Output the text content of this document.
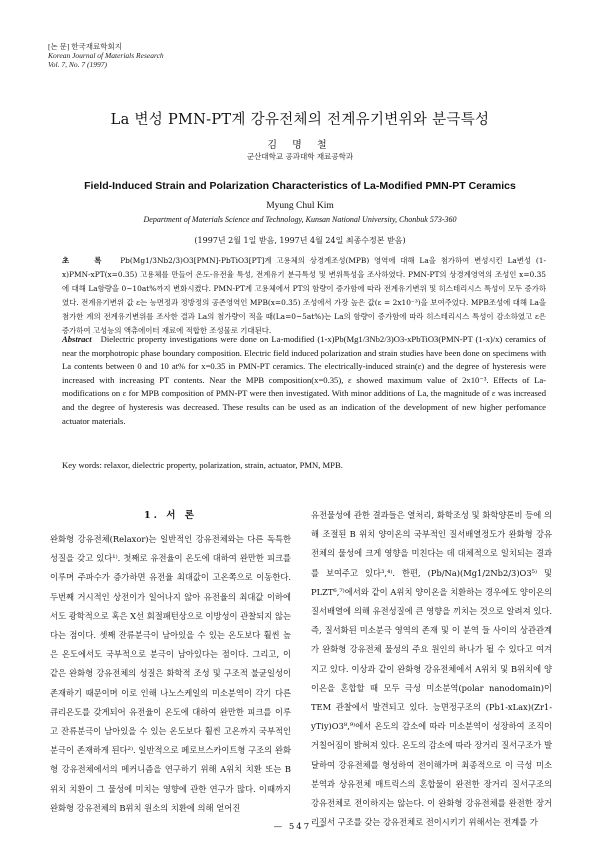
[논 문] 한국재료학회지
Korean Journal of Materials Research
Vol. 7, No. 7 (1997)
La 변성 PMN-PT계 강유전체의 전계유기변위와 분극특성
김 명 철
군산대학교 공과대학 재료공학과
Field-Induced Strain and Polarization Characteristics of La-Modified PMN-PT Ceramics
Myung Chul Kim
Department of Materials Science and Technology, Kunsan National University, Chonbuk 573-360
(1997년 2월 1일 받음, 1997년 4월 24일 최종수정본 받음)
초 록 Pb(Mg1/3Nb2/3)O3[PMN]-PbTiO3[PT]계 고용체의 상경계조성(MPB) 영역에 대해 La을 첨가하여 변성시킨 La변성 (1-x)PMN-xPT(x=0.35) 고용체를 만들어 온도-유전율 특성, 전계유기 분극특성 및 변위특성을 조사하였다. PMN-PT의 상경계영역의 조성인 x=0.35에 대해 La함량을 0~10at%까지 변화시켰다. PMN-PT계 고용체에서 PT의 함량이 증가함에 따라 전계유기변위 및 히스테리시스 특성이 모두 증가하였다. 전계유기변위 값 ε는 능면정과 정방정의 공존영역인 MPB(x=0.35) 조성에서 가장 높은 값(ε = 2x10⁻³)을 보여주었다. MPB조성에 대해 La을 첨가한 계의 전계유기변위를 조사한 결과 La의 첨가량이 적을 때(La=0~5at%)는 La의 함량이 증가함에 따라 히스테리시스 특성이 감소하였고 ε은 증가하여 고성능의 액츄에이터 재료에 적합한 조성물로 기대된다.
Abstract Dielectric property investigations were done on La-modified (1-x)Pb(Mg1/3Nb2/3)O3-xPbTiO3(PMN-PT (1-x)/x) ceramics of near the morphotropic phase boundary composition. Electric field induced polarization and strain studies have been done on specimens with La contents between 0 and 10 at% for x=0.35 in PMN-PT ceramics. The electrically-induced strain(ε) and the degree of hysteresis were increased with increasing PT contents. Near the MPB composition(x=0.35), ε showed maximum value of 2x10⁻³. Effects of La-modifications on ε for MPB composition of PMN-PT were then investigated. With minor additions of La, the magnitude of ε was increased and the degree of hysteresis was decreased. These results can be used as an indication of the development of new higher perfomance actuator materials.
Key words: relaxor, dielectric property, polarization, strain, actuator, PMN, MPB.
1. 서 론
완화형 강유전체(Relaxor)는 일반적인 강유전체와는 다른 독특한 성질을 갖고 있다¹⁾. 첫째로 유전율이 온도에 대하여 완만한 피크를 이루며 주파수가 증가하면 유전율 최대값이 고온쪽으로 이동한다. 두번째 거시적인 상전이가 일어나지 않아 유전율의 최대값 이하에서도 광학적으로 혹은 X선 회절패턴상으로 이방성이 관찰되지 않는다는 점이다. 셋째 잔류분극이 남아있을 수 있는 온도보다 훨씬 높은 온도에서도 국부적으로 분극이 남아있다는 점이다. 그리고, 이 같은 완화형 강유전체의 성질은 화학적 조성 및 구조적 불균일성이 존재하기 때문이며 이로 인해 나노스케일의 미소분역이 각기 다른 큐리온도를 갖게되어 유전율이 온도에 대하여 완만한 피크를 이루고 잔류분극이 남아있을 수 있는 온도보다 훨씬 고온까지 국부적인 분극이 존재하게 된다²⁾. 일반적으로 페로브스카이트형 구조의 완화형 강유전체에서의 메커니즘을 연구하기 위해 A위치 치환 또는 B 위치 치환이 그 물성에 미치는 영향에 관한 연구가 많다. 이때까지 완화형 강유전체의 B위치 원소의 치환에 의해 얻어진
유전물성에 관한 결과들은 열처리, 화학조성 및 화학양론비 등에 의해 조절된 B 위치 양이온의 국부적인 질서배열정도가 완화형 강유전체의 물성에 크게 영향을 미친다는 데 대체적으로 일치되는 결과를 보여주고 있다³,⁴⁾. 한편, (Pb/Na)(Mg1/2Nb2/3)O3⁵⁾ 및 PLZT⁶,⁷⁾에서와 같이 A위치 양이온을 치환하는 경우에도 양이온의 질서배열에 의해 유전성질에 큰 영향을 끼치는 것으로 알려져 있다. 즉, 질서화된 미소분극 영역의 존재 및 이 분역 들 사이의 상관관계가 완화형 강유전체 물성의 주요 원인의 하나가 될 수 있다고 여겨지고 있다. 이상과 같이 완화형 강유전체에서 A위치 및 B위치에 양이온을 혼합할 때 모두 극성 미소분역(polar nanodomain)이 TEM 관찰에서 발견되고 있다. 능면정구조의 (Pb1-xLax)(Zr1-yTiy)O3⁸,⁹⁾에서 온도의 감소에 따라 미소분역이 성장하여 조직이 거칠어짐이 밝혀져 있다. 온도의 감소에 따라 장거리 질서구조가 발달하여 강유전체를 형성하여 전이해가며 최종적으로 이 극성 미소분역과 상유전체 매트릭스의 혼합물이 완전한 장거리 질서구조의 강유전체로 전이하지는 않는다. 이 완화형 강유전체를 완전한 장거리질서 구조를 갖는 강유전체로 전이시키기 위해서는 전계를 가
— 547 —
